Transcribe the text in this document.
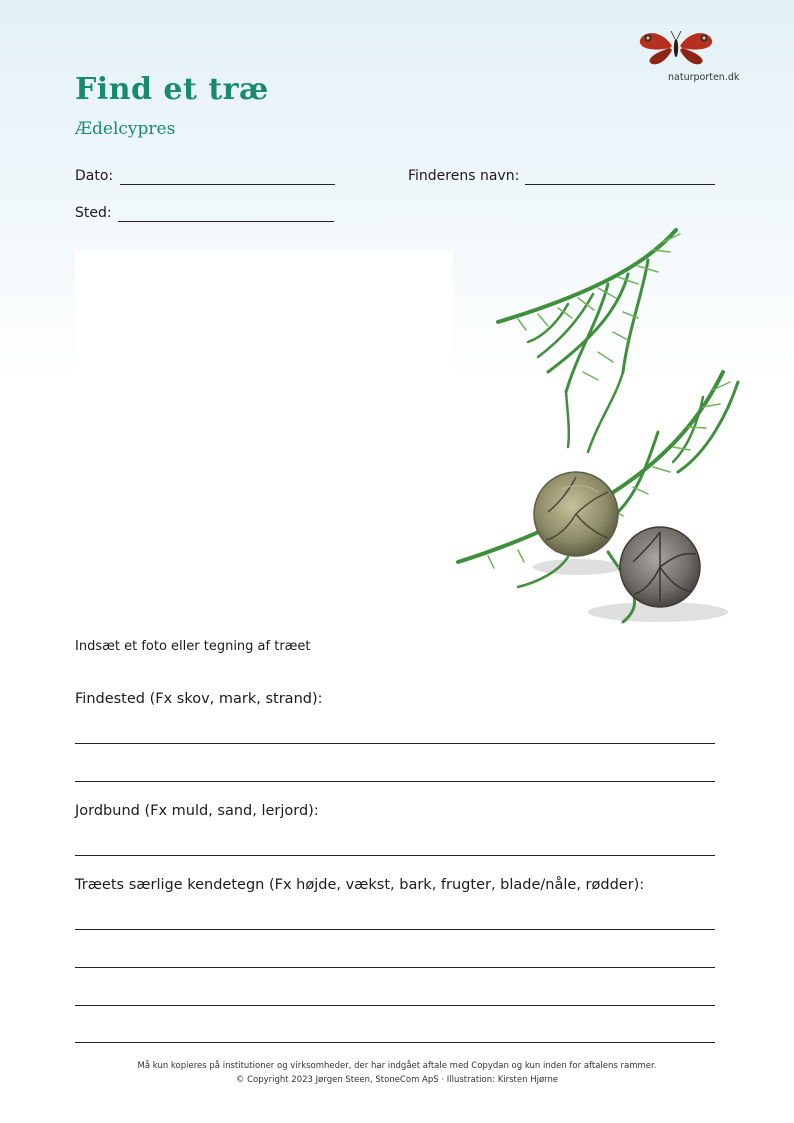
naturporten.dk
Find et træ
Ædelcypres
Dato:	Finderens navn:
Sted:
Indsæt et foto eller tegning af træet
Findested (Fx skov, mark, strand):
Jordbund (Fx muld, sand, lerjord):
Træets særlige kendetegn (Fx højde, vækst, bark, frugter, blade/nåle, rødder):
Må kun kopieres på institutioner og virksomheder, der har indgået aftale med Copydan og kun inden for aftalens rammer.
© Copyright 2023 Jørgen Steen, StoneCom ApS · Illustration: Kirsten Hjørne
